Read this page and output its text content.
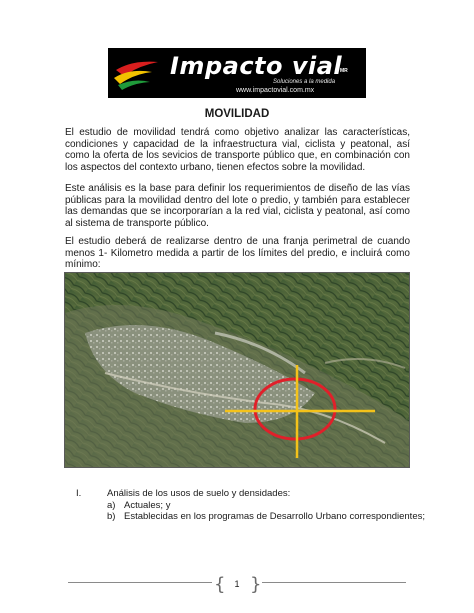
Impacto vial
MR
Soluciones a la medida
www.impactovial.com.mx
MOVILIDAD

El estudio de movilidad tendrá como objetivo analizar las características, condiciones y capacidad de la infraestructura vial, ciclista y peatonal, así como la oferta de los sevicios de transporte público que, en combinación con los aspectos del contexto urbano, tienen efectos sobre la movilidad.

Este análisis es la base para definir los requerimientos de diseño de las vías públicas para la movilidad dentro del lote o predio, y también para establecer las demandas que se incorporarían a la red vial, ciclista y peatonal, así como al sistema de transporte público.

El estudio deberá de realizarse dentro de una franja perimetral de cuando menos 1- Kilometro medida a partir de los límites del predio, e incluirá como mínimo:

I.	Análisis de los usos de suelo y densidades:
a) Actuales; y
b) Establecidas en los programas de Desarrollo Urbano correspondientes;
{ }
1
